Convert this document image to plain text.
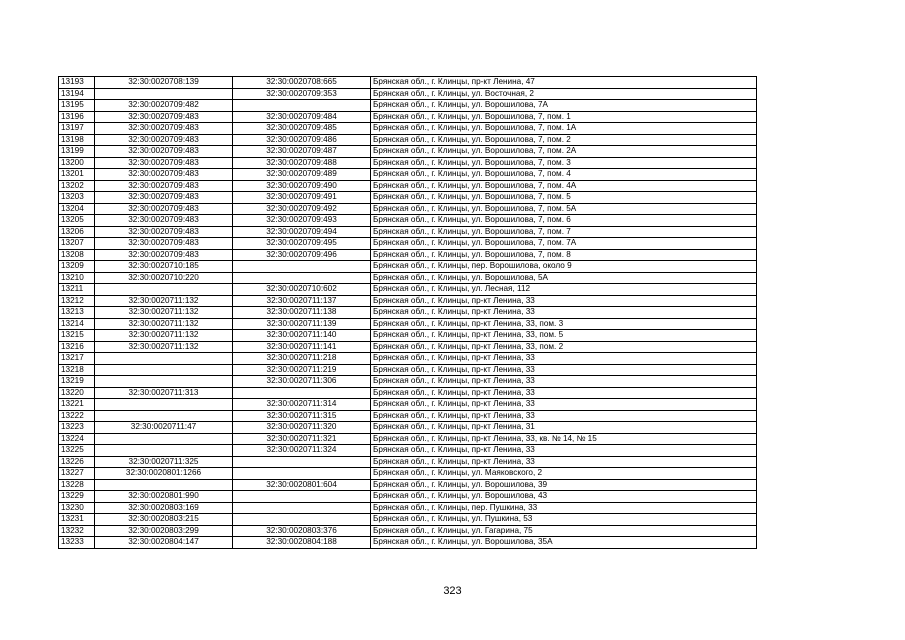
13193	32:30:0020708:139	32:30:0020708:665	Брянская обл., г. Клинцы, пр-кт Ленина, 47
13194		32:30:0020709:353	Брянская обл., г. Клинцы, ул. Восточная, 2
13195	32:30:0020709:482		Брянская обл., г. Клинцы, ул. Ворошилова, 7А
13196	32:30:0020709:483	32:30:0020709:484	Брянская обл., г. Клинцы, ул. Ворошилова, 7, пом. 1
13197	32:30:0020709:483	32:30:0020709:485	Брянская обл., г. Клинцы, ул. Ворошилова, 7, пом. 1А
13198	32:30:0020709:483	32:30:0020709:486	Брянская обл., г. Клинцы, ул. Ворошилова, 7, пом. 2
13199	32:30:0020709:483	32:30:0020709:487	Брянская обл., г. Клинцы, ул. Ворошилова, 7, пом. 2А
13200	32:30:0020709:483	32:30:0020709:488	Брянская обл., г. Клинцы, ул. Ворошилова, 7, пом. 3
13201	32:30:0020709:483	32:30:0020709:489	Брянская обл., г. Клинцы, ул. Ворошилова, 7, пом. 4
13202	32:30:0020709:483	32:30:0020709:490	Брянская обл., г. Клинцы, ул. Ворошилова, 7, пом. 4А
13203	32:30:0020709:483	32:30:0020709:491	Брянская обл., г. Клинцы, ул. Ворошилова, 7, пом. 5
13204	32:30:0020709:483	32:30:0020709:492	Брянская обл., г. Клинцы, ул. Ворошилова, 7, пом. 5А
13205	32:30:0020709:483	32:30:0020709:493	Брянская обл., г. Клинцы, ул. Ворошилова, 7, пом. 6
13206	32:30:0020709:483	32:30:0020709:494	Брянская обл., г. Клинцы, ул. Ворошилова, 7, пом. 7
13207	32:30:0020709:483	32:30:0020709:495	Брянская обл., г. Клинцы, ул. Ворошилова, 7, пом. 7А
13208	32:30:0020709:483	32:30:0020709:496	Брянская обл., г. Клинцы, ул. Ворошилова, 7, пом. 8
13209	32:30:0020710:185		Брянская обл., г. Клинцы, пер. Ворошилова, около 9
13210	32:30:0020710:220		Брянская обл., г. Клинцы, ул. Ворошилова, 5А
13211		32:30:0020710:602	Брянская обл., г. Клинцы, ул. Лесная, 112
13212	32:30:0020711:132	32:30:0020711:137	Брянская обл., г. Клинцы, пр-кт Ленина, 33
13213	32:30:0020711:132	32:30:0020711:138	Брянская обл., г. Клинцы, пр-кт Ленина, 33
13214	32:30:0020711:132	32:30:0020711:139	Брянская обл., г. Клинцы, пр-кт Ленина, 33, пом. 3
13215	32:30:0020711:132	32:30:0020711:140	Брянская обл., г. Клинцы, пр-кт Ленина, 33, пом. 5
13216	32:30:0020711:132	32:30:0020711:141	Брянская обл., г. Клинцы, пр-кт Ленина, 33, пом. 2
13217		32:30:0020711:218	Брянская обл., г. Клинцы, пр-кт Ленина, 33
13218		32:30:0020711:219	Брянская обл., г. Клинцы, пр-кт Ленина, 33
13219		32:30:0020711:306	Брянская обл., г. Клинцы, пр-кт Ленина, 33
13220	32:30:0020711:313		Брянская обл., г. Клинцы, пр-кт Ленина, 33
13221		32:30:0020711:314	Брянская обл., г. Клинцы, пр-кт Ленина, 33
13222		32:30:0020711:315	Брянская обл., г. Клинцы, пр-кт Ленина, 33
13223	32:30:0020711:47	32:30:0020711:320	Брянская обл., г. Клинцы, пр-кт Ленина, 31
13224		32:30:0020711:321	Брянская обл., г. Клинцы, пр-кт Ленина, 33, кв. № 14, № 15
13225		32:30:0020711:324	Брянская обл., г. Клинцы, пр-кт Ленина, 33
13226	32:30:0020711:325		Брянская обл., г. Клинцы, пр-кт Ленина, 33
13227	32:30:0020801:1266		Брянская обл., г. Клинцы, ул. Маяковского, 2
13228		32:30:0020801:604	Брянская обл., г. Клинцы, ул. Ворошилова, 39
13229	32:30:0020801:990		Брянская обл., г. Клинцы, ул. Ворошилова, 43
13230	32:30:0020803:169		Брянская обл., г. Клинцы, пер. Пушкина, 33
13231	32:30:0020803:215		Брянская обл., г. Клинцы, ул. Пушкина, 53
13232	32:30:0020803:299	32:30:0020803:376	Брянская обл., г. Клинцы, ул. Гагарина, 75
13233	32:30:0020804:147	32:30:0020804:188	Брянская обл., г. Клинцы, ул. Ворошилова, 35А
323
